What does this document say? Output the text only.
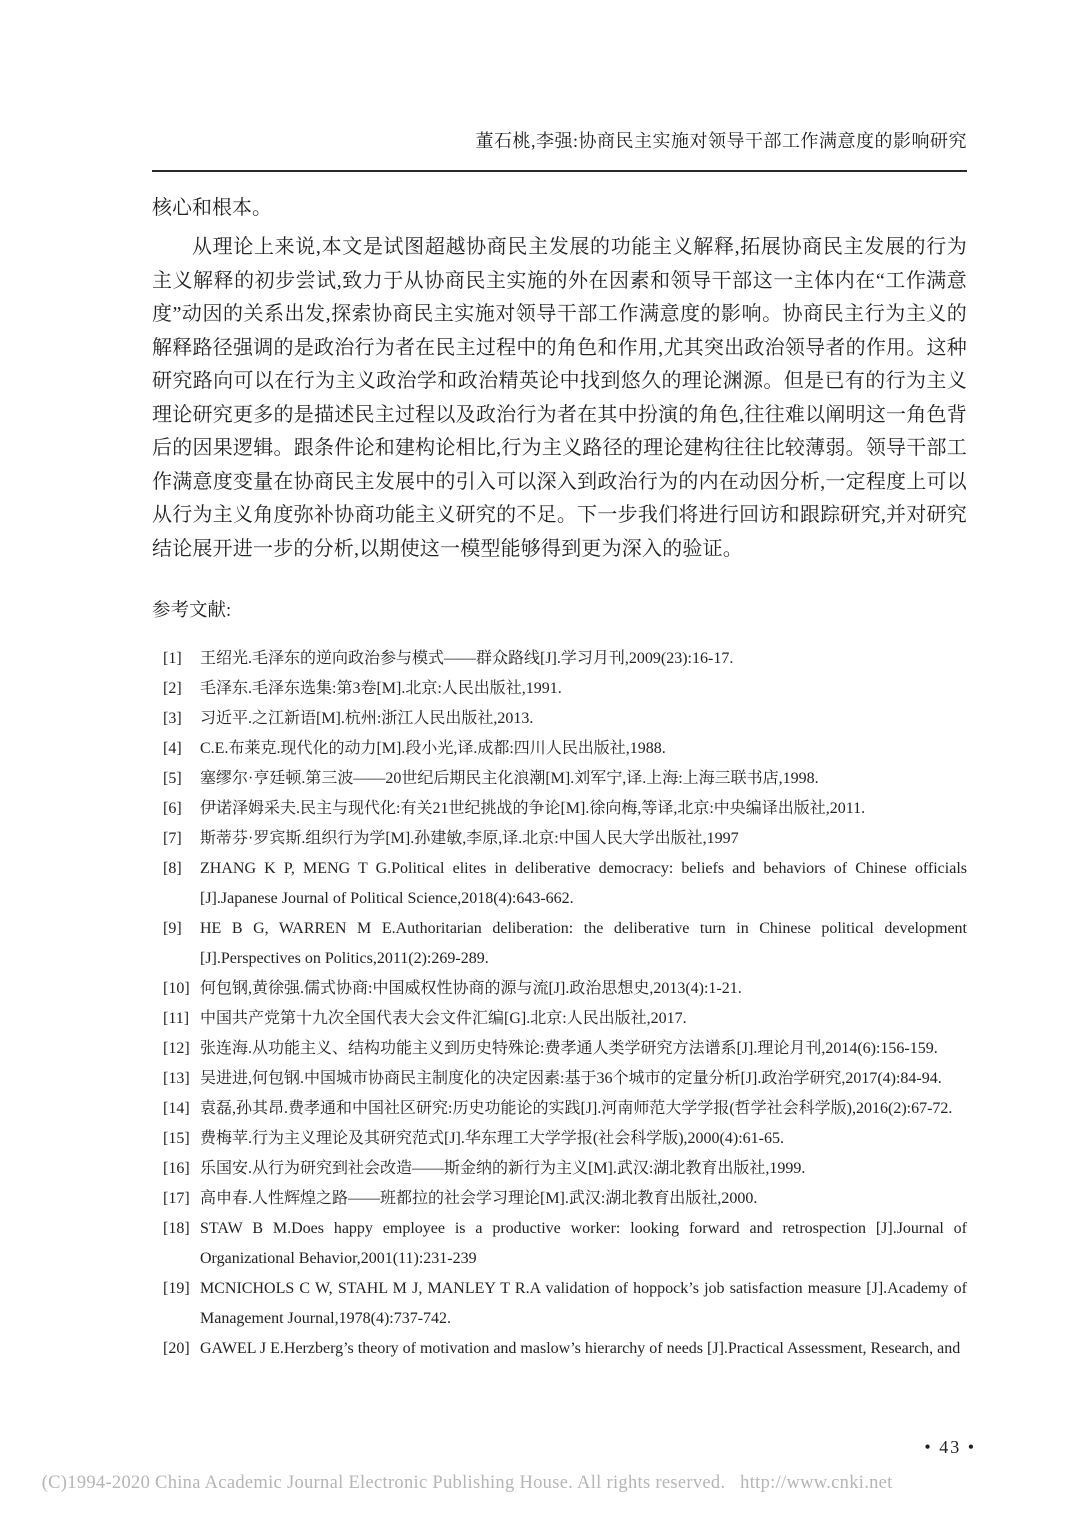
董石桃,李强:协商民主实施对领导干部工作满意度的影响研究

核心和根本。

从理论上来说,本文是试图超越协商民主发展的功能主义解释,拓展协商民主发展的行为主义解释的初步尝试,致力于从协商民主实施的外在因素和领导干部这一主体内在“工作满意度”动因的关系出发,探索协商民主实施对领导干部工作满意度的影响。协商民主行为主义的解释路径强调的是政治行为者在民主过程中的角色和作用,尤其突出政治领导者的作用。这种研究路向可以在行为主义政治学和政治精英论中找到悠久的理论渊源。但是已有的行为主义理论研究更多的是描述民主过程以及政治行为者在其中扮演的角色,往往难以阐明这一角色背后的因果逻辑。跟条件论和建构论相比,行为主义路径的理论建构往往比较薄弱。领导干部工作满意度变量在协商民主发展中的引入可以深入到政治行为的内在动因分析,一定程度上可以从行为主义角度弥补协商功能主义研究的不足。下一步我们将进行回访和跟踪研究,并对研究结论展开进一步的分析,以期使这一模型能够得到更为深入的验证。

参考文献:
[1]	王绍光.毛泽东的逆向政治参与模式——群众路线[J].学习月刊,2009(23):16-17.
[2]	毛泽东.毛泽东选集:第3卷[M].北京:人民出版社,1991.
[3]	习近平.之江新语[M].杭州:浙江人民出版社,2013.
[4]	C.E.布莱克.现代化的动力[M].段小光,译.成都:四川人民出版社,1988.
[5]	塞缪尔·亨廷顿.第三波——20世纪后期民主化浪潮[M].刘军宁,译.上海:上海三联书店,1998.
[6]	伊诺泽姆采夫.民主与现代化:有关21世纪挑战的争论[M].徐向梅,等译,北京:中央编译出版社,2011.
[7]	斯蒂芬·罗宾斯.组织行为学[M].孙建敏,李原,译.北京:中国人民大学出版社,1997
[8]	ZHANG K P, MENG T G.Political elites in deliberative democracy: beliefs and behaviors of Chinese officials [J].Japanese Journal of Political Science,2018(4):643-662.
[9]	HE B G, WARREN M E.Authoritarian deliberation: the deliberative turn in Chinese political development [J].Perspectives on Politics,2011(2):269-289.
[10] 何包钢,黄徐强.儒式协商:中国威权性协商的源与流[J].政治思想史,2013(4):1-21.
[11] 中国共产党第十九次全国代表大会文件汇编[G].北京:人民出版社,2017.
[12] 张连海.从功能主义、结构功能主义到历史特殊论:费孝通人类学研究方法谱系[J].理论月刊,2014(6):156-159.
[13] 吴进进,何包钢.中国城市协商民主制度化的决定因素:基于36个城市的定量分析[J].政治学研究,2017(4):84-94.
[14] 袁磊,孙其昂.费孝通和中国社区研究:历史功能论的实践[J].河南师范大学学报(哲学社会科学版),2016(2):67-72.
[15] 费梅苹.行为主义理论及其研究范式[J].华东理工大学学报(社会科学版),2000(4):61-65.
[16] 乐国安.从行为研究到社会改造——斯金纳的新行为主义[M].武汉:湖北教育出版社,1999.
[17] 高申春.人性辉煌之路——班都拉的社会学习理论[M].武汉:湖北教育出版社,2000.
[18] STAW B M.Does happy employee is a productive worker: looking forward and retrospection [J].Journal of Organizational Behavior,2001(11):231-239
[19] MCNICHOLS C W, STAHL M J, MANLEY T R.A validation of hoppock’s job satisfaction measure [J].Academy of Management Journal,1978(4):737-742.
[20] GAWEL J E.Herzberg’s theory of motivation and maslow’s hierarchy of needs [J].Practical Assessment, Research, and
• 43 •

(C)1994-2020 China Academic Journal Electronic Publishing House. All rights reserved.   http://www.cnki.net
